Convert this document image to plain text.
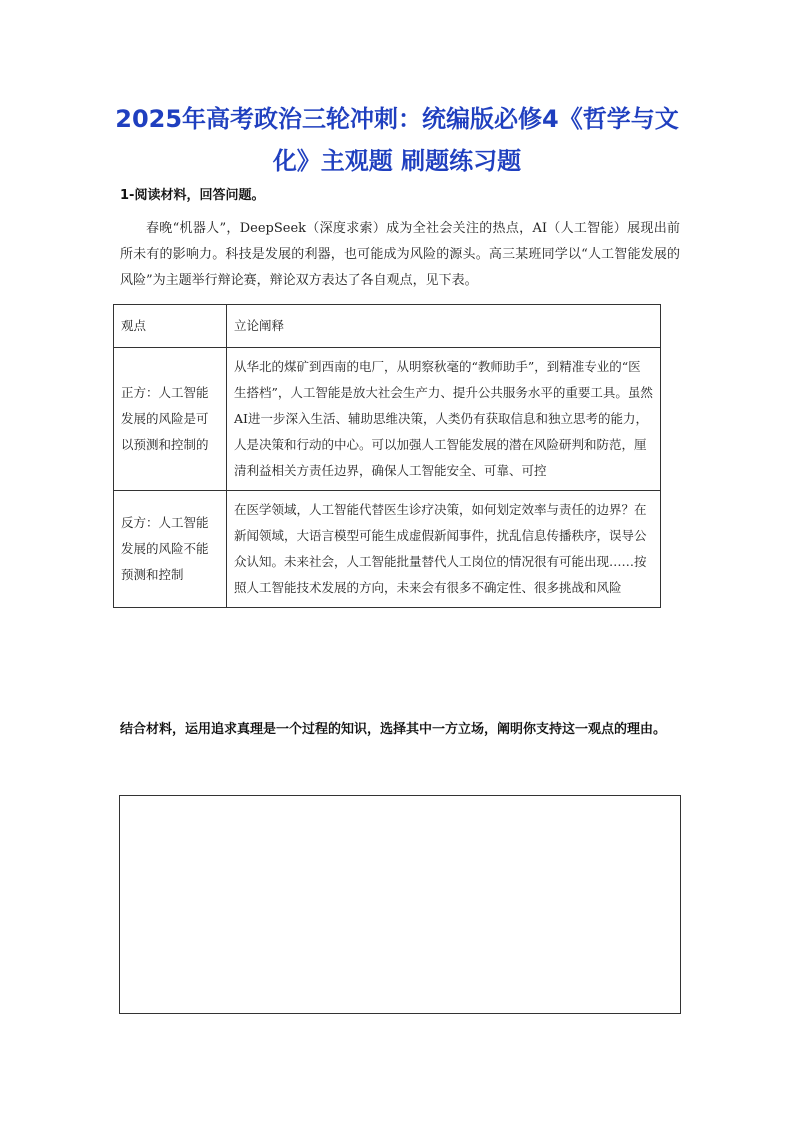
2025年高考政治三轮冲刺：统编版必修4《哲学与文化》主观题 刷题练习题
1-阅读材料，回答问题。
春晚“机器人”，DeepSeek（深度求索）成为全社会关注的热点，AI（人工智能）展现出前所未有的影响力。科技是发展的利器，也可能成为风险的源头。高三某班同学以“人工智能发展的风险”为主题举行辩论赛，辩论双方表达了各自观点，见下表。
观点	立论阐释
正方：人工智能发展的风险是可以预测和控制的	从华北的煤矿到西南的电厂，从明察秋毫的“教师助手”，到精准专业的“医生搭档”，人工智能是放大社会生产力、提升公共服务水平的重要工具。虽然AI进一步深入生活、辅助思维决策，人类仍有获取信息和独立思考的能力，人是决策和行动的中心。可以加强人工智能发展的潜在风险研判和防范，厘清利益相关方责任边界，确保人工智能安全、可靠、可控
反方：人工智能发展的风险不能预测和控制	在医学领域，人工智能代替医生诊疗决策，如何划定效率与责任的边界？在新闻领域，大语言模型可能生成虚假新闻事件，扰乱信息传播秩序，误导公众认知。未来社会，人工智能批量替代人工岗位的情况很有可能出现……按照人工智能技术发展的方向，未来会有很多不确定性、很多挑战和风险
结合材料，运用追求真理是一个过程的知识，选择其中一方立场，阐明你支持这一观点的理由。
